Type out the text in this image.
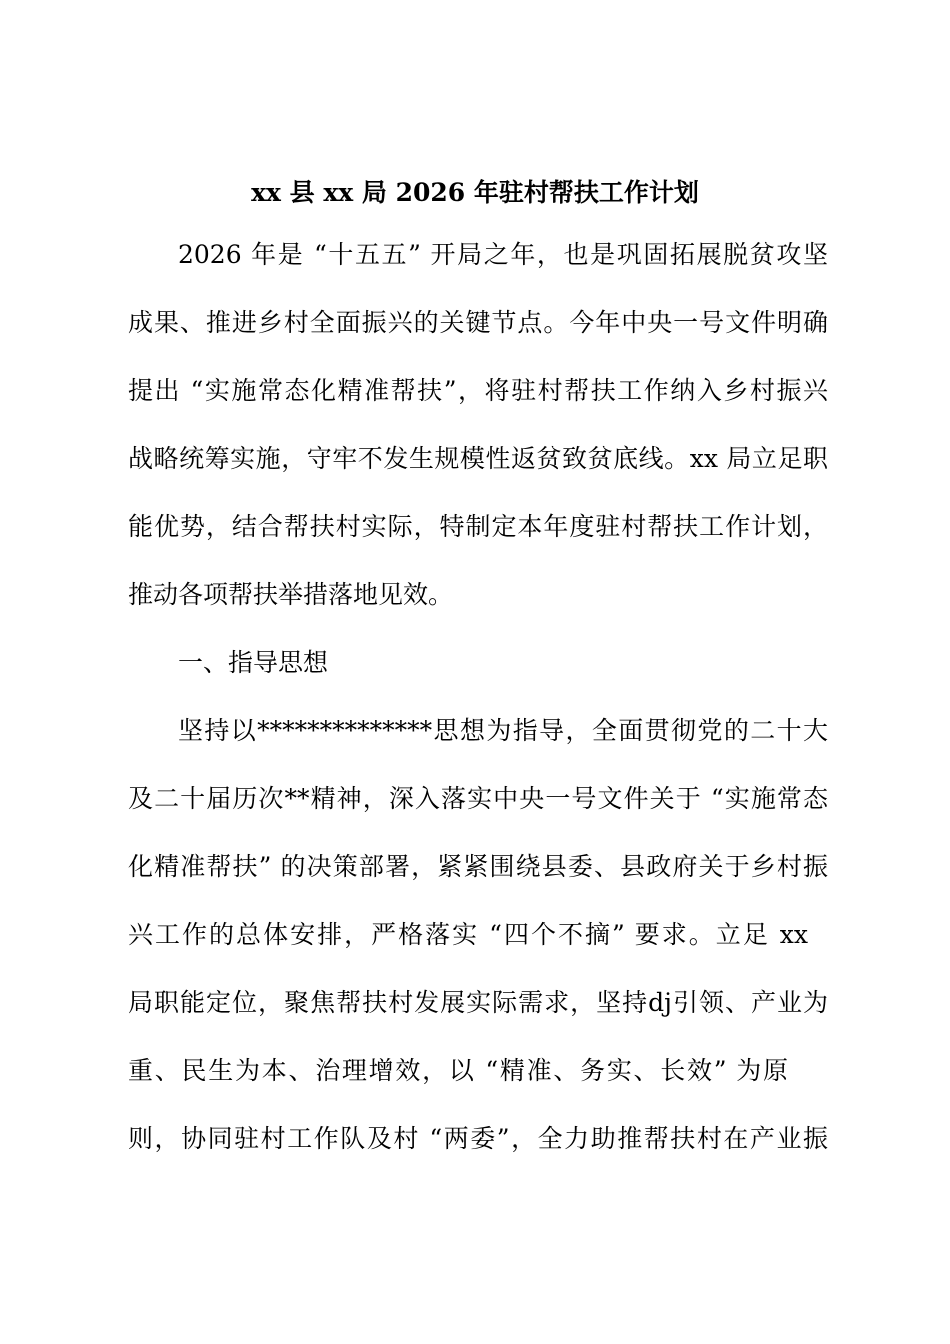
xx 县 xx 局 2026 年驻村帮扶工作计划
2026 年是 “十五五” 开局之年，也是巩固拓展脱贫攻坚
成果、推进乡村全面振兴的关键节点。今年中央一号文件明确
提出 “实施常态化精准帮扶”，将驻村帮扶工作纳入乡村振兴
战略统筹实施，守牢不发生规模性返贫致贫底线。xx 局立足职
能优势，结合帮扶村实际，特制定本年度驻村帮扶工作计划，
推动各项帮扶举措落地见效。
一、指导思想
坚持以**************思想为指导，全面贯彻党的二十大
及二十届历次**精神，深入落实中央一号文件关于 “实施常态
化精准帮扶” 的决策部署，紧紧围绕县委、县政府关于乡村振
兴工作的总体安排，严格落实 “四个不摘” 要求。立足 xx
局职能定位，聚焦帮扶村发展实际需求，坚持dj引领、产业为
重、民生为本、治理增效，以 “精准、务实、长效” 为原
则，协同驻村工作队及村 “两委”，全力助推帮扶村在产业振
